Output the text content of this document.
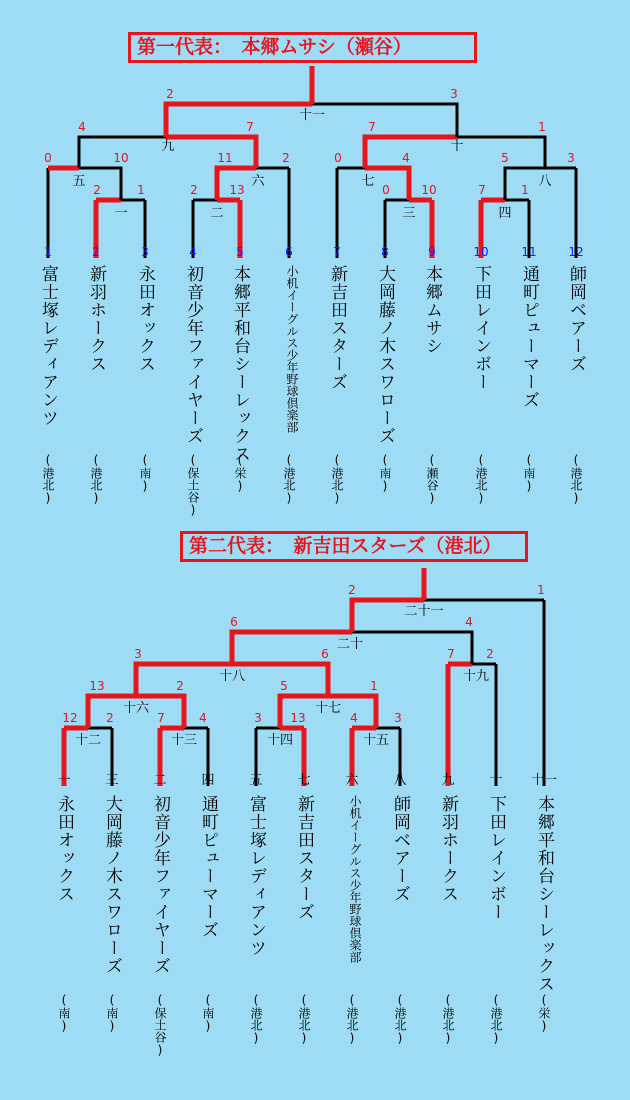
1	2	3	4	5	6	7	8	9	10	11	12
一
2	1
二
2	13
三
0	10
四
7	1
五
0	10
六
11	2
七
0	4
八
5	3
九
4	7
十
7	1
十一
2	3
一	三	二	四	五	七	六	八	九	十 十一
十二
12 2
十三
7	4
十四
3 13
十五
4	3
十六
13	2
十七
5	1
十八
3	6
十九
7	2
二十
6	4
二十一
2	1
第一代表：　本郷ムサシ（瀬谷）
第二代表：　新吉田スターズ（港北）
富士塚レディアンツ
(港北)
新羽ホークス
(港北)
永田オックス
(南)
初音少年ファイヤーズ
(保土谷)
本郷平和台シーレックス
(栄)
小机イーグルス少年野球倶楽部
(港北)
新吉田スターズ
(港北)
大岡藤ノ木スワローズ
(南)
本郷ムサシ
(瀬谷)
下田レインボー
(港北)
通町ピューマーズ
(南)
師岡ベアーズ
(港北)
永田オックス
(南)
大岡藤ノ木スワローズ
(南)
初音少年ファイヤーズ
(保土谷)
通町ピューマーズ
(南)
富士塚レディアンツ
(港北)
新吉田スターズ
(港北)
小机イーグルス少年野球倶楽部
(港北)
師岡ベアーズ
(港北)
新羽ホークス
(港北)
下田レインボー
(港北)
本郷平和台シーレックス
(栄)
